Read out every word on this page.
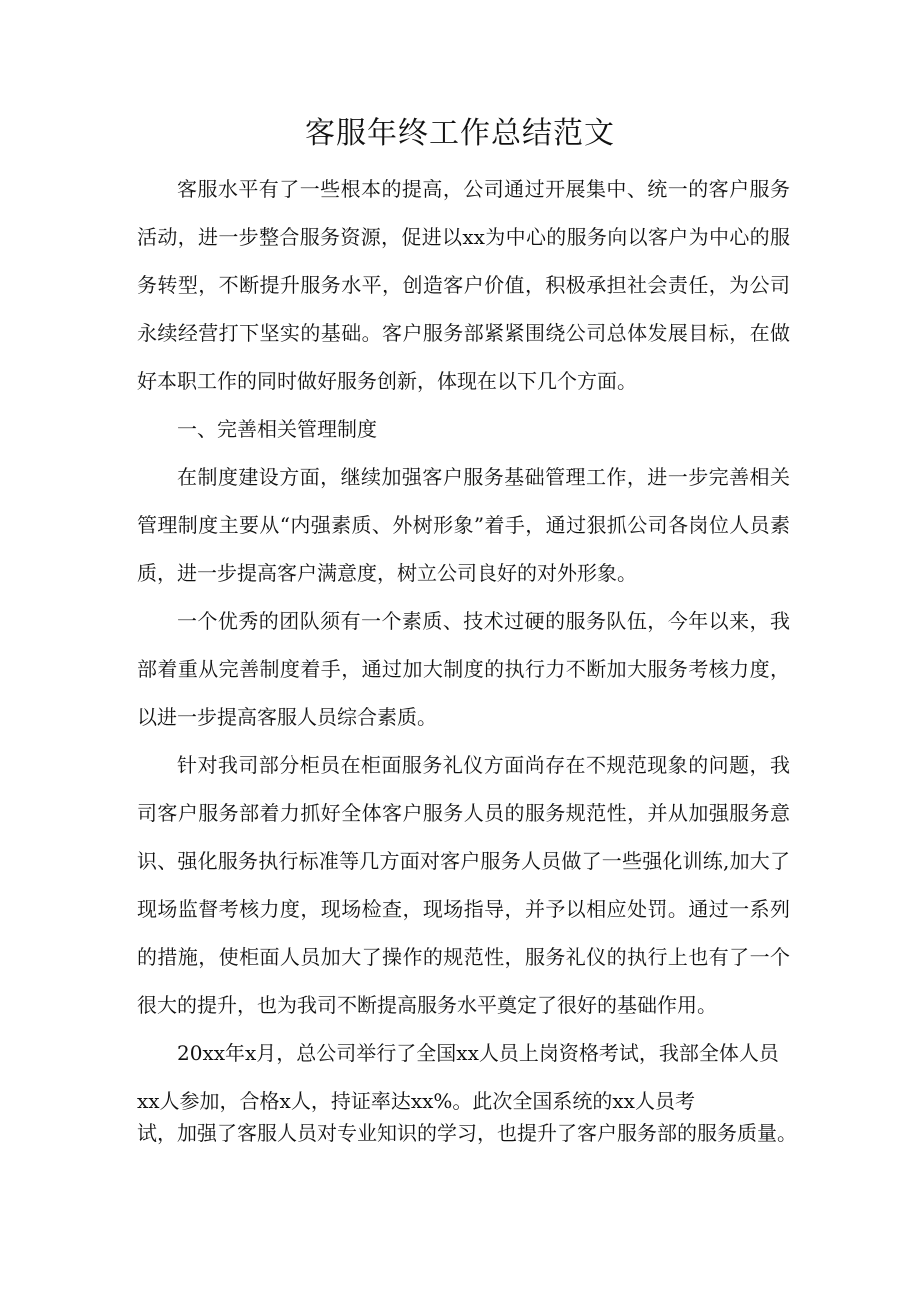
客服年终工作总结范文

客服水平有了一些根本的提高，公司通过开展集中、统一的客户服务活动，进一步整合服务资源，促进以xx为中心的服务向以客户为中心的服务转型，不断提升服务水平，创造客户价值，积极承担社会责任，为公司永续经营打下坚实的基础。客户服务部紧紧围绕公司总体发展目标，在做好本职工作的同时做好服务创新，体现在以下几个方面。

一、完善相关管理制度

在制度建设方面，继续加强客户服务基础管理工作，进一步完善相关管理制度主要从“内强素质、外树形象”着手，通过狠抓公司各岗位人员素质，进一步提高客户满意度，树立公司良好的对外形象。

一个优秀的团队须有一个素质、技术过硬的服务队伍，今年以来，我部着重从完善制度着手，通过加大制度的执行力不断加大服务考核力度，以进一步提高客服人员综合素质。

针对我司部分柜员在柜面服务礼仪方面尚存在不规范现象的问题，我司客户服务部着力抓好全体客户服务人员的服务规范性，并从加强服务意识、强化服务执行标准等几方面对客户服务人员做了一些强化训练,加大了现场监督考核力度，现场检查，现场指导，并予以相应处罚。通过一系列的措施，使柜面人员加大了操作的规范性，服务礼仪的执行上也有了一个很大的提升，也为我司不断提高服务水平奠定了很好的基础作用。

20xx年x月，总公司举行了全国xx人员上岗资格考试，我部全体人员xx人参加，合格x人，持证率达xx%。此次全国系统的xx人员考
试，加强了客服人员对专业知识的学习，也提升了客户服务部的服务质量。
